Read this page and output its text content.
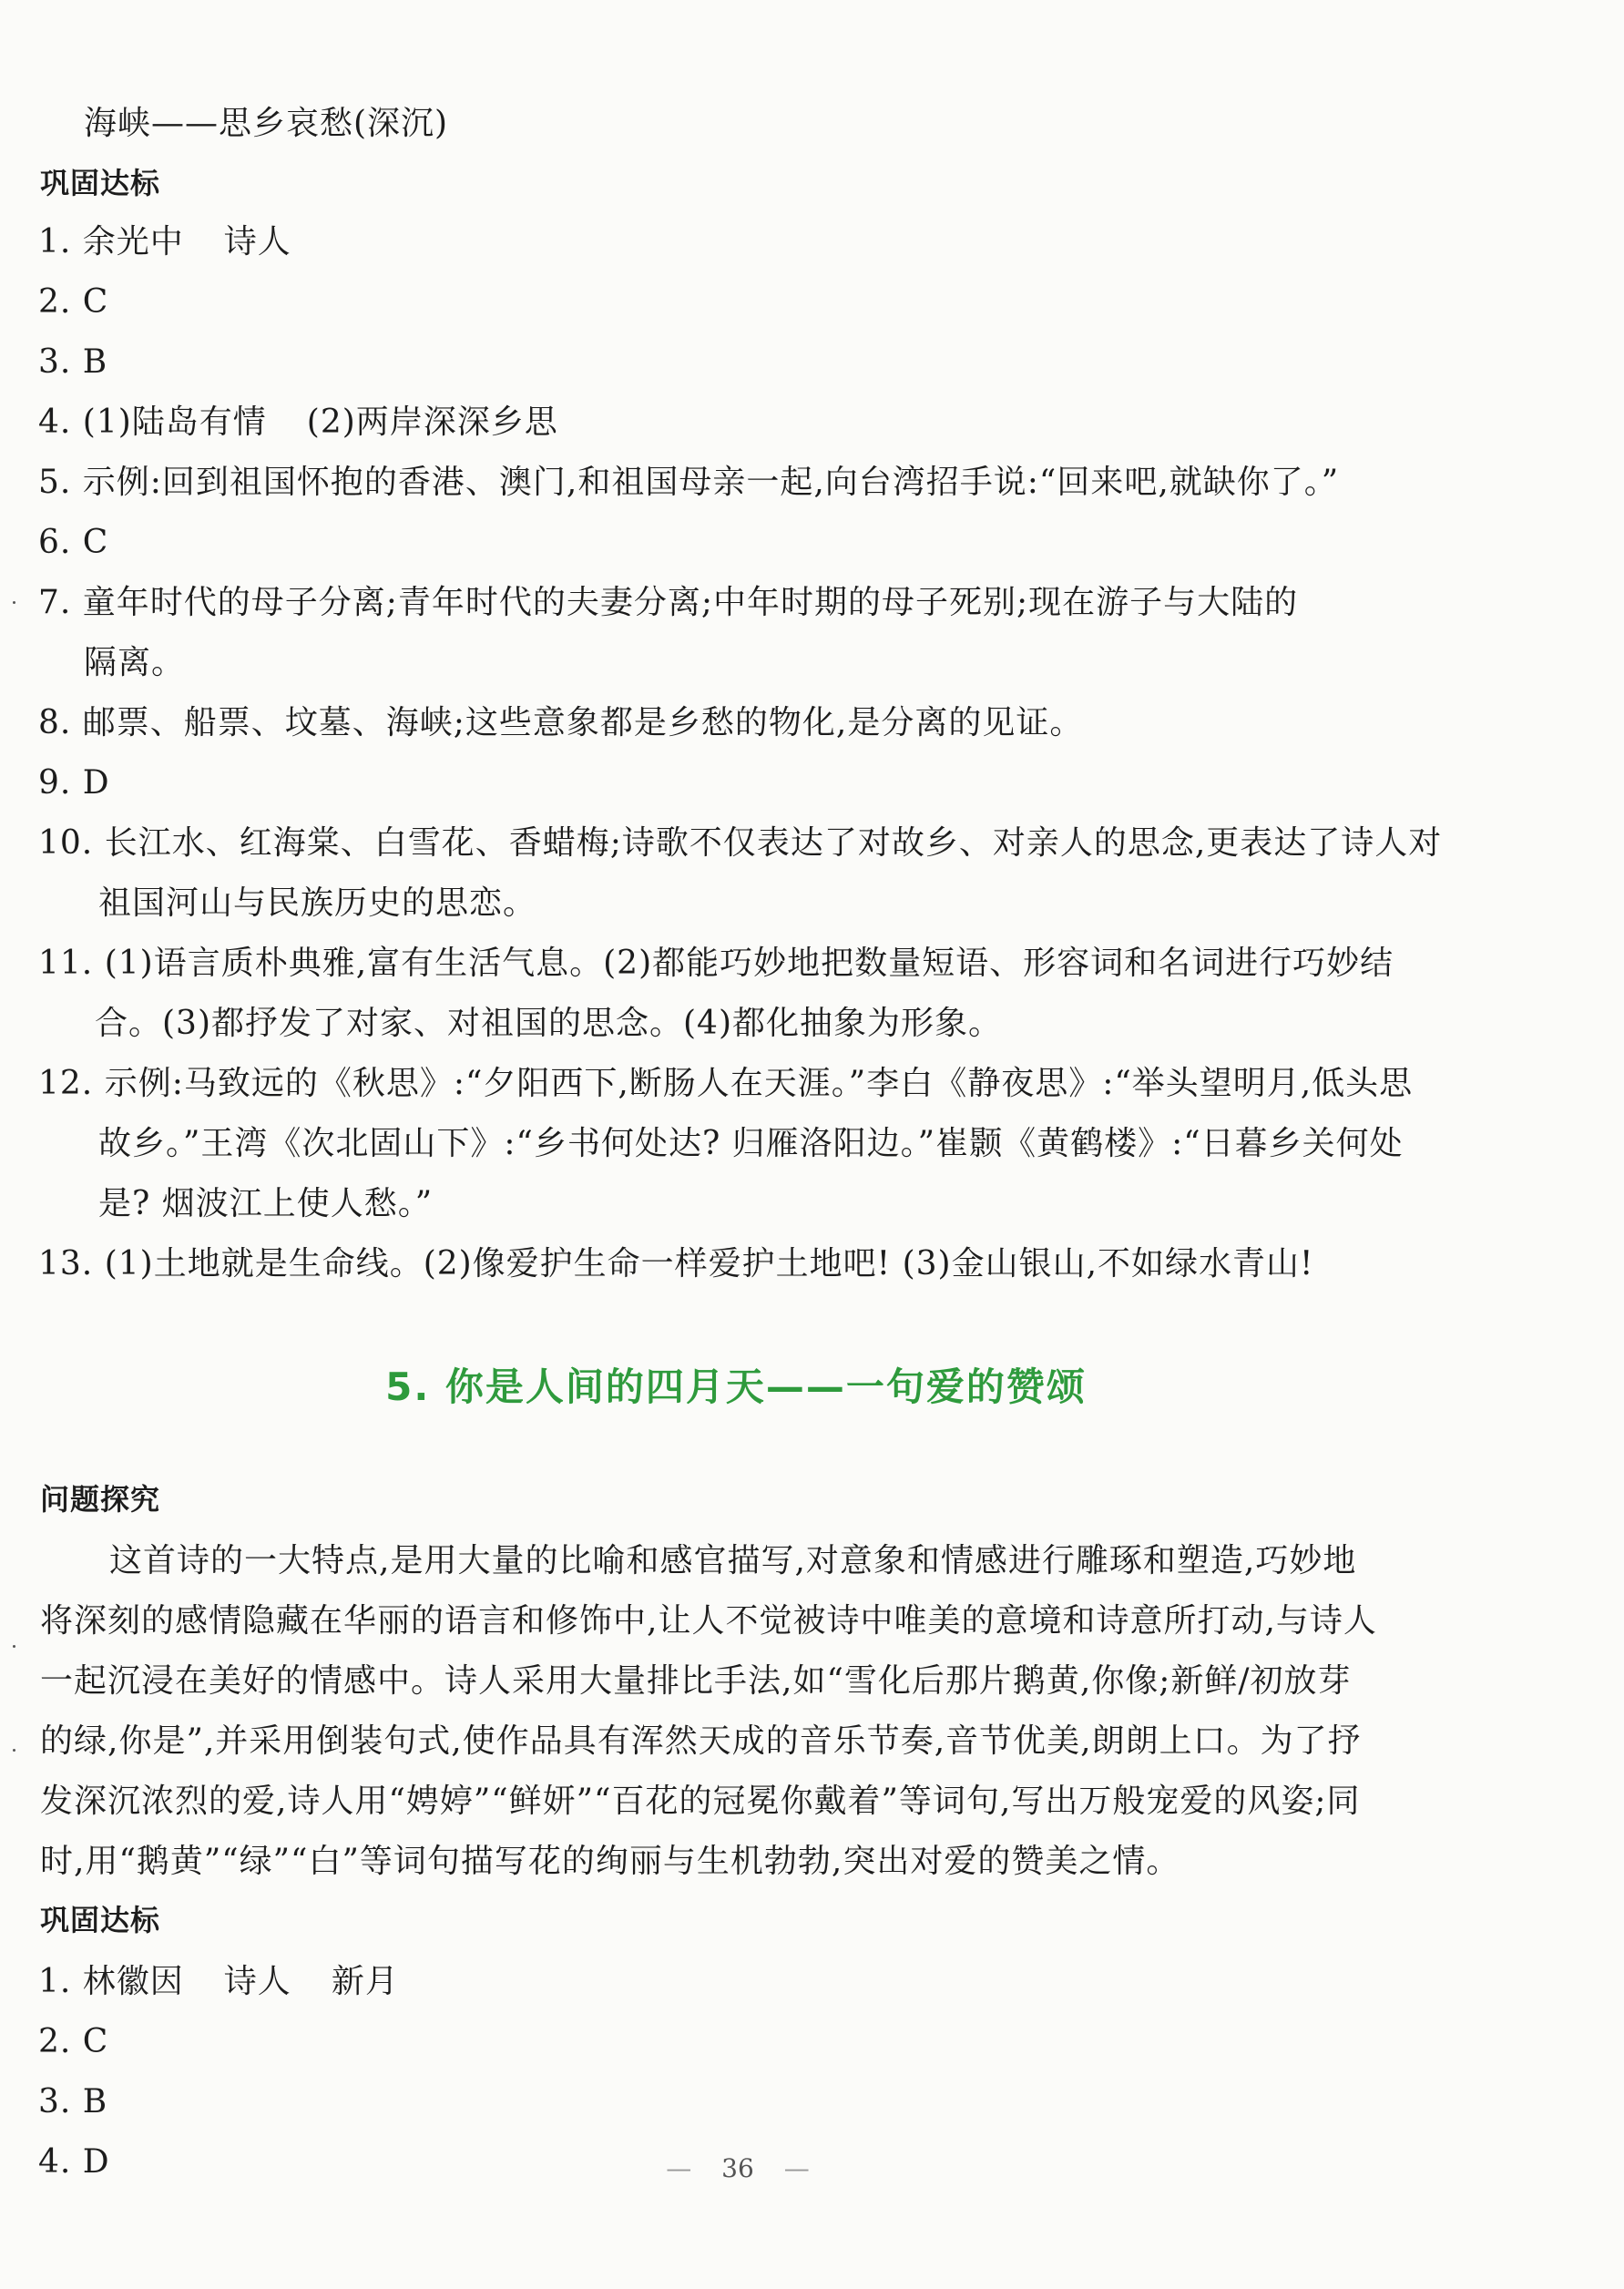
海峡——思乡哀愁(深沉)

巩固达标

1. 余光中 诗人

2. C

3. B

4. (1)陆岛有情 (2)两岸深深乡思

5. 示例:回到祖国怀抱的香港、澳门,和祖国母亲一起,向台湾招手说:“回来吧,就缺你了。”

6. C

7. 童年时代的母子分离;青年时代的夫妻分离;中年时期的母子死别;现在游子与大陆的

隔离。

8. 邮票、船票、坟墓、海峡;这些意象都是乡愁的物化,是分离的见证。

9. D

10. 长江水、红海棠、白雪花、香蜡梅;诗歌不仅表达了对故乡、对亲人的思念,更表达了诗人对

祖国河山与民族历史的思恋。

11. (1)语言质朴典雅,富有生活气息。(2)都能巧妙地把数量短语、形容词和名词进行巧妙结

合。(3)都抒发了对家、对祖国的思念。(4)都化抽象为形象。

12. 示例:马致远的《秋思》:“夕阳西下,断肠人在天涯。”李白《静夜思》:“举头望明月,低头思

故乡。”王湾《次北固山下》:“乡书何处达? 归雁洛阳边。”崔颢《黄鹤楼》:“日暮乡关何处

是? 烟波江上使人愁。”

13. (1)土地就是生命线。(2)像爱护生命一样爱护土地吧! (3)金山银山,不如绿水青山!

5. 你是人间的四月天——一句爱的赞颂

问题探究

这首诗的一大特点,是用大量的比喻和感官描写,对意象和情感进行雕琢和塑造,巧妙地

将深刻的感情隐藏在华丽的语言和修饰中,让人不觉被诗中唯美的意境和诗意所打动,与诗人

一起沉浸在美好的情感中。诗人采用大量排比手法,如“雪化后那片鹅黄,你像;新鲜/初放芽

的绿,你是”,并采用倒装句式,使作品具有浑然天成的音乐节奏,音节优美,朗朗上口。为了抒

发深沉浓烈的爱,诗人用“娉婷”“鲜妍”“百花的冠冕你戴着”等词句,写出万般宠爱的风姿;同

时,用“鹅黄”“绿”“白”等词句描写花的绚丽与生机勃勃,突出对爱的赞美之情。

巩固达标

1. 林徽因 诗人 新月

2. C

3. B

4. D	— 36 —
